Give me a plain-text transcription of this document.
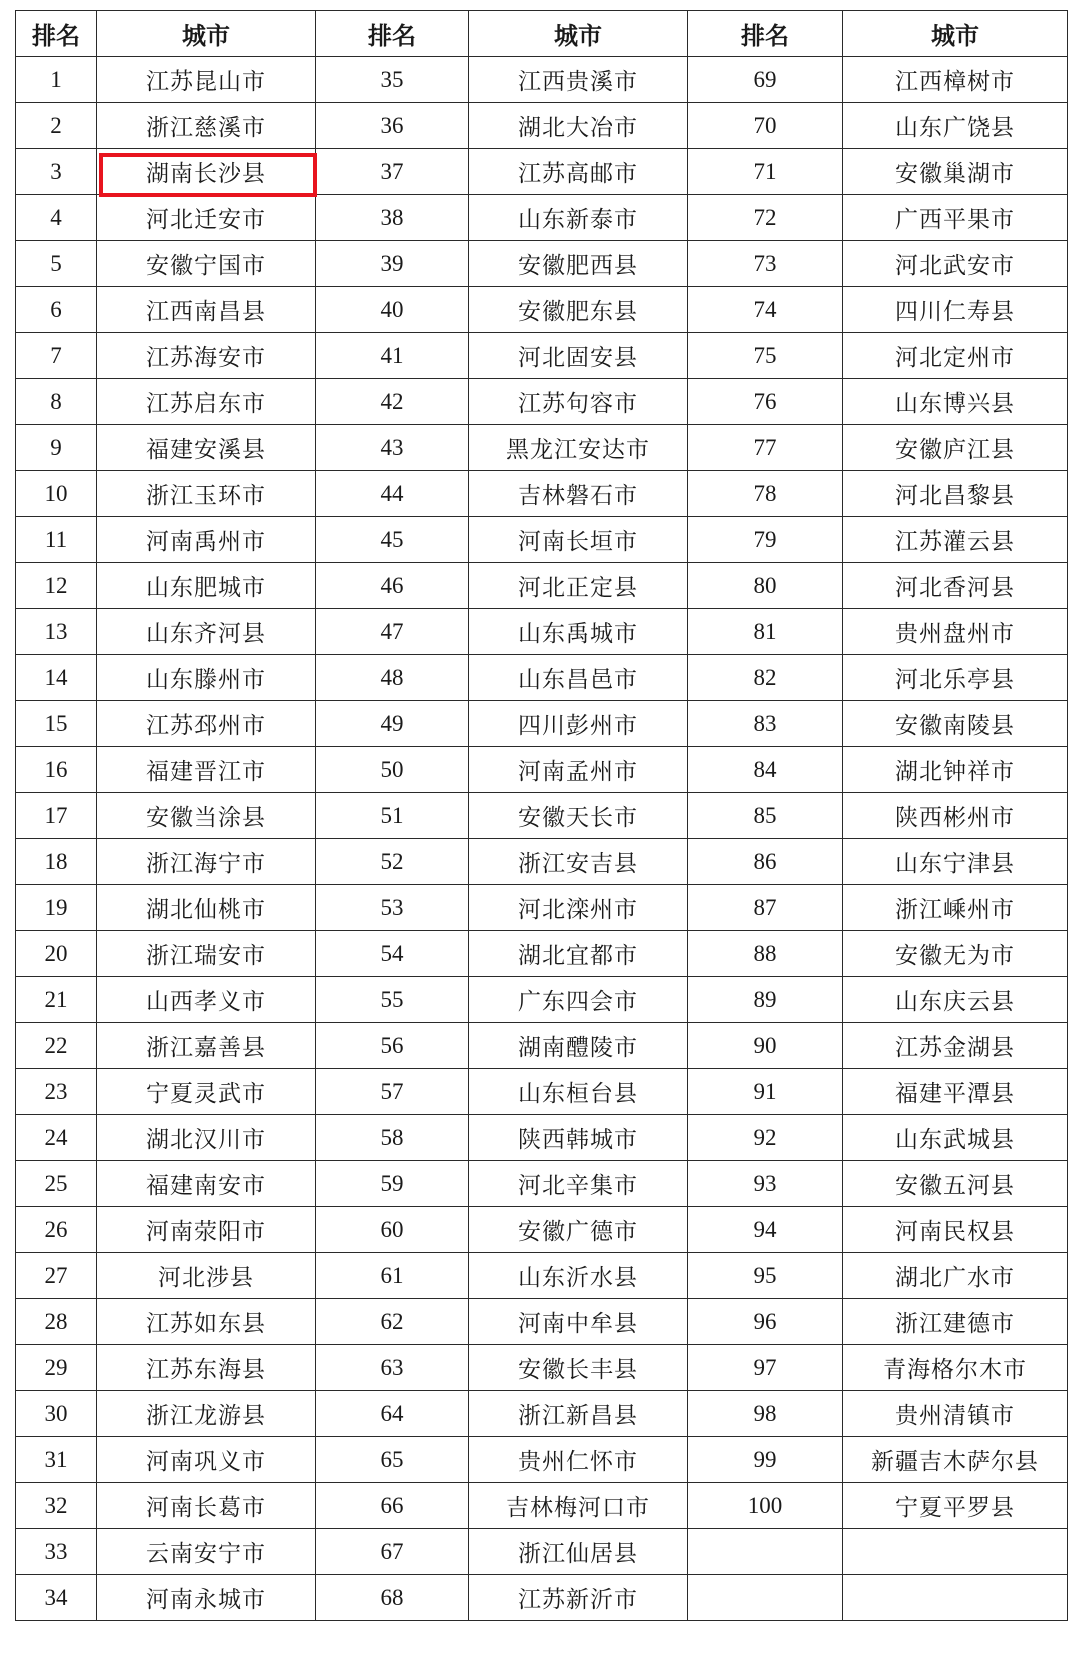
排名	城市	排名	城市	排名	城市
1	江苏昆山市	35	江西贵溪市	69	江西樟树市
2	浙江慈溪市	36	湖北大冶市	70	山东广饶县
3	湖南长沙县	37	江苏高邮市	71	安徽巢湖市
4	河北迁安市	38	山东新泰市	72	广西平果市
5	安徽宁国市	39	安徽肥西县	73	河北武安市
6	江西南昌县	40	安徽肥东县	74	四川仁寿县
7	江苏海安市	41	河北固安县	75	河北定州市
8	江苏启东市	42	江苏句容市	76	山东博兴县
9	福建安溪县	43	黑龙江安达市	77	安徽庐江县
10	浙江玉环市	44	吉林磐石市	78	河北昌黎县
11	河南禹州市	45	河南长垣市	79	江苏灌云县
12	山东肥城市	46	河北正定县	80	河北香河县
13	山东齐河县	47	山东禹城市	81	贵州盘州市
14	山东滕州市	48	山东昌邑市	82	河北乐亭县
15	江苏邳州市	49	四川彭州市	83	安徽南陵县
16	福建晋江市	50	河南孟州市	84	湖北钟祥市
17	安徽当涂县	51	安徽天长市	85	陕西彬州市
18	浙江海宁市	52	浙江安吉县	86	山东宁津县
19	湖北仙桃市	53	河北滦州市	87	浙江嵊州市
20	浙江瑞安市	54	湖北宜都市	88	安徽无为市
21	山西孝义市	55	广东四会市	89	山东庆云县
22	浙江嘉善县	56	湖南醴陵市	90	江苏金湖县
23	宁夏灵武市	57	山东桓台县	91	福建平潭县
24	湖北汉川市	58	陕西韩城市	92	山东武城县
25	福建南安市	59	河北辛集市	93	安徽五河县
26	河南荥阳市	60	安徽广德市	94	河南民权县
27	河北涉县	61	山东沂水县	95	湖北广水市
28	江苏如东县	62	河南中牟县	96	浙江建德市
29	江苏东海县	63	安徽长丰县	97	青海格尔木市
30	浙江龙游县	64	浙江新昌县	98	贵州清镇市
31	河南巩义市	65	贵州仁怀市	99	新疆吉木萨尔县
32	河南长葛市	66	吉林梅河口市	100	宁夏平罗县
33	云南安宁市	67	浙江仙居县		
34	河南永城市	68	江苏新沂市		
